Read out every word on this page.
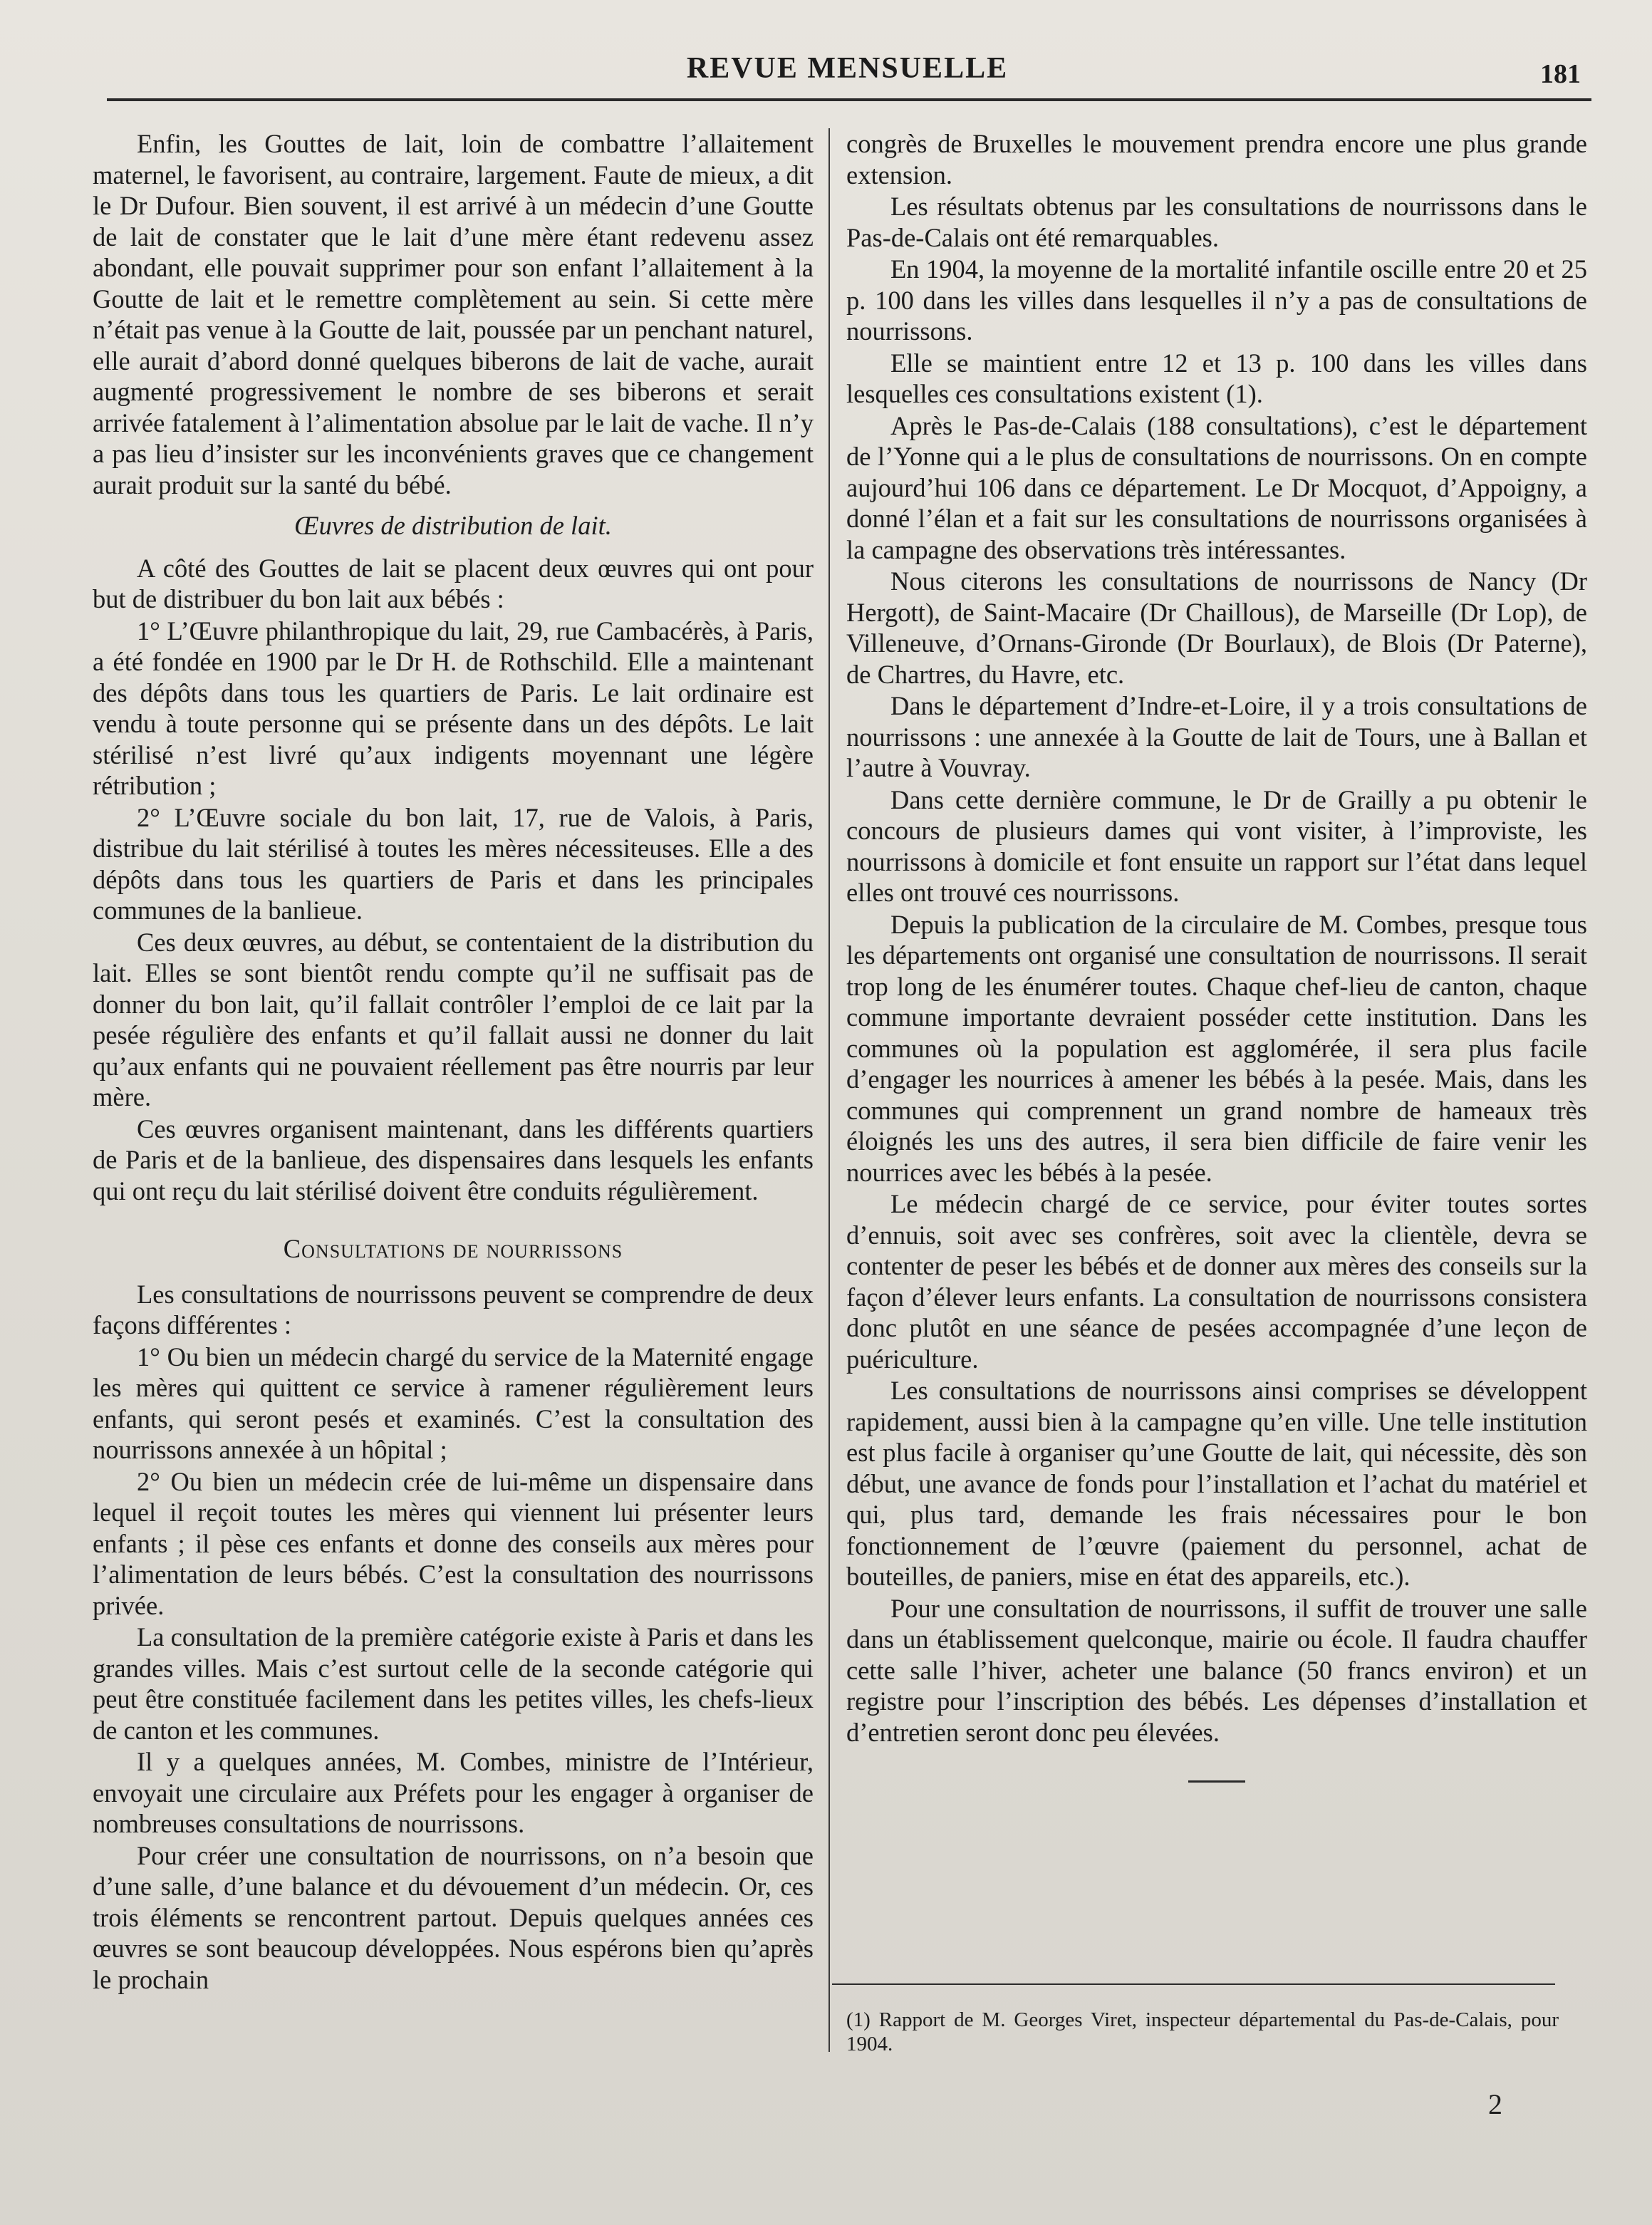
REVUE MENSUELLE	181

Enfin, les Gouttes de lait, loin de combattre l’allaitement maternel, le favorisent, au contraire, largement. Faute de mieux, a dit le Dr Dufour. Bien souvent, il est arrivé à un médecin d’une Goutte de lait de constater que le lait d’une mère étant redevenu assez abondant, elle pouvait supprimer pour son enfant l’allaitement à la Goutte de lait et le remettre complètement au sein. Si cette mère n’était pas venue à la Goutte de lait, poussée par un penchant naturel, elle aurait d’abord donné quelques biberons de lait de vache, aurait augmenté progressivement le nombre de ses biberons et serait arrivée fatalement à l’alimentation absolue par le lait de vache. Il n’y a pas lieu d’insister sur les inconvénients graves que ce changement aurait produit sur la santé du bébé.

Œuvres de distribution de lait.

A côté des Gouttes de lait se placent deux œuvres qui ont pour but de distribuer du bon lait aux bébés :

1° L’Œuvre philanthropique du lait, 29, rue Cambacérès, à Paris, a été fondée en 1900 par le Dr H. de Rothschild. Elle a maintenant des dépôts dans tous les quartiers de Paris. Le lait ordinaire est vendu à toute personne qui se présente dans un des dépôts. Le lait stérilisé n’est livré qu’aux indigents moyennant une légère rétribution ;

2° L’Œuvre sociale du bon lait, 17, rue de Valois, à Paris, distribue du lait stérilisé à toutes les mères nécessiteuses. Elle a des dépôts dans tous les quartiers de Paris et dans les principales communes de la banlieue.

Ces deux œuvres, au début, se contentaient de la distribution du lait. Elles se sont bientôt rendu compte qu’il ne suffisait pas de donner du bon lait, qu’il fallait contrôler l’emploi de ce lait par la pesée régulière des enfants et qu’il fallait aussi ne donner du lait qu’aux enfants qui ne pouvaient réellement pas être nourris par leur mère.

Ces œuvres organisent maintenant, dans les différents quartiers de Paris et de la banlieue, des dispensaires dans lesquels les enfants qui ont reçu du lait stérilisé doivent être conduits régulièrement.

Consultations de nourrissons

Les consultations de nourrissons peuvent se comprendre de deux façons différentes :

1° Ou bien un médecin chargé du service de la Maternité engage les mères qui quittent ce service à ramener régulièrement leurs enfants, qui seront pesés et examinés. C’est la consultation des nourrissons annexée à un hôpital ;

2° Ou bien un médecin crée de lui-même un dispensaire dans lequel il reçoit toutes les mères qui viennent lui présenter leurs enfants ; il pèse ces enfants et donne des conseils aux mères pour l’alimentation de leurs bébés. C’est la consultation des nourrissons privée.

La consultation de la première catégorie existe à Paris et dans les grandes villes. Mais c’est surtout celle de la seconde catégorie qui peut être constituée facilement dans les petites villes, les chefs-lieux de canton et les communes.

Il y a quelques années, M. Combes, ministre de l’Intérieur, envoyait une circulaire aux Préfets pour les engager à organiser de nombreuses consultations de nourrissons.

Pour créer une consultation de nourrissons, on n’a besoin que d’une salle, d’une balance et du dévouement d’un médecin. Or, ces trois éléments se rencontrent partout. Depuis quelques années ces œuvres se sont beaucoup développées. Nous espérons bien qu’après le prochain

congrès de Bruxelles le mouvement prendra encore une plus grande extension.

Les résultats obtenus par les consultations de nourrissons dans le Pas-de-Calais ont été remarquables.

En 1904, la moyenne de la mortalité infantile oscille entre 20 et 25 p. 100 dans les villes dans lesquelles il n’y a pas de consultations de nourrissons.

Elle se maintient entre 12 et 13 p. 100 dans les villes dans lesquelles ces consultations existent (1).

Après le Pas-de-Calais (188 consultations), c’est le département de l’Yonne qui a le plus de consultations de nourrissons. On en compte aujourd’hui 106 dans ce département. Le Dr Mocquot, d’Appoigny, a donné l’élan et a fait sur les consultations de nourrissons organisées à la campagne des observations très intéressantes.

Nous citerons les consultations de nourrissons de Nancy (Dr Hergott), de Saint-Macaire (Dr Chaillous), de Marseille (Dr Lop), de Villeneuve, d’Ornans-Gironde (Dr Bourlaux), de Blois (Dr Paterne), de Chartres, du Havre, etc.

Dans le département d’Indre-et-Loire, il y a trois consultations de nourrissons : une annexée à la Goutte de lait de Tours, une à Ballan et l’autre à Vouvray.

Dans cette dernière commune, le Dr de Grailly a pu obtenir le concours de plusieurs dames qui vont visiter, à l’improviste, les nourrissons à domicile et font ensuite un rapport sur l’état dans lequel elles ont trouvé ces nourrissons.

Depuis la publication de la circulaire de M. Combes, presque tous les départements ont organisé une consultation de nourrissons. Il serait trop long de les énumérer toutes. Chaque chef-lieu de canton, chaque commune importante devraient posséder cette institution. Dans les communes où la population est agglomérée, il sera plus facile d’engager les nourrices à amener les bébés à la pesée. Mais, dans les communes qui comprennent un grand nombre de hameaux très éloignés les uns des autres, il sera bien difficile de faire venir les nourrices avec les bébés à la pesée.

Le médecin chargé de ce service, pour éviter toutes sortes d’ennuis, soit avec ses confrères, soit avec la clientèle, devra se contenter de peser les bébés et de donner aux mères des conseils sur la façon d’élever leurs enfants. La consultation de nourrissons consistera donc plutôt en une séance de pesées accompagnée d’une leçon de puériculture.

Les consultations de nourrissons ainsi comprises se développent rapidement, aussi bien à la campagne qu’en ville. Une telle institution est plus facile à organiser qu’une Goutte de lait, qui nécessite, dès son début, une avance de fonds pour l’installation et l’achat du matériel et qui, plus tard, demande les frais nécessaires pour le bon fonctionnement de l’œuvre (paiement du personnel, achat de bouteilles, de paniers, mise en état des appareils, etc.).

Pour une consultation de nourrissons, il suffit de trouver une salle dans un établissement quelconque, mairie ou école. Il faudra chauffer cette salle l’hiver, acheter une balance (50 francs environ) et un registre pour l’inscription des bébés. Les dépenses d’installation et d’entretien seront donc peu élevées.

(1) Rapport de M. Georges Viret, inspecteur départemental du Pas-de-Calais, pour 1904.
2
